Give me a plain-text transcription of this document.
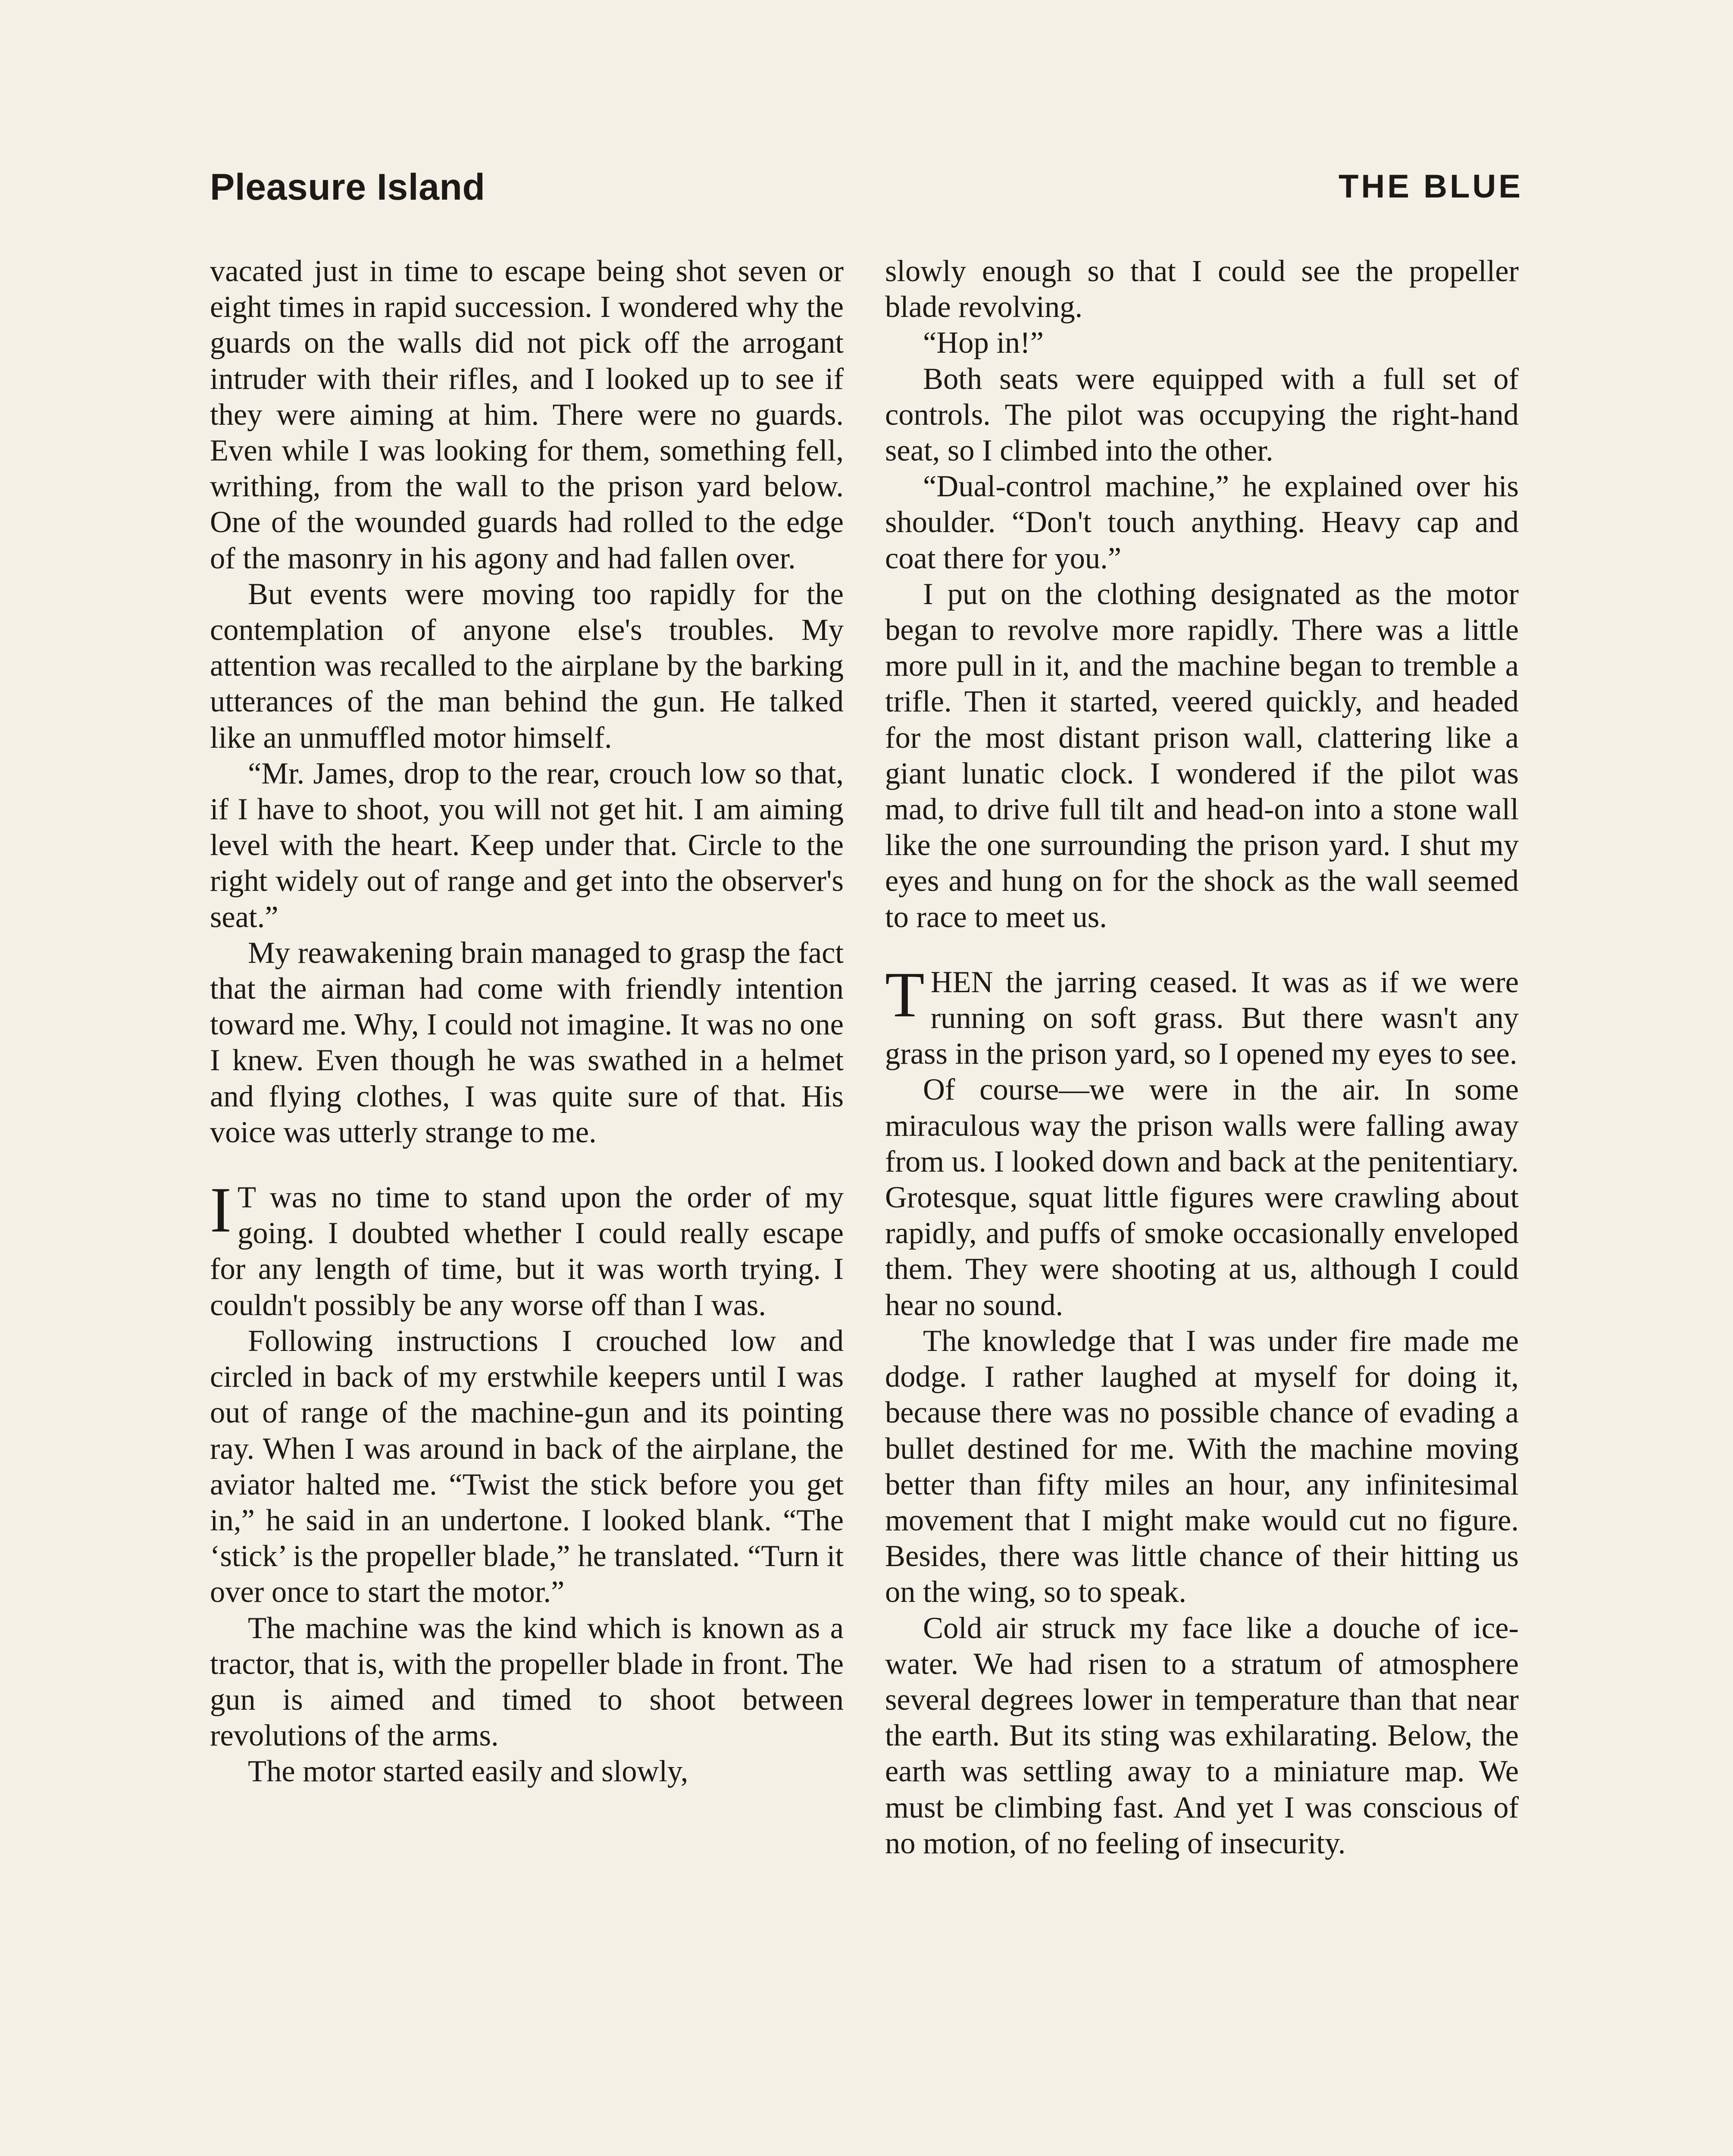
Pleasure Island	THE BLUE

vacated just in time to escape being shot seven or eight times in rapid succession. I wondered why the guards on the walls did not pick off the arrogant intruder with their rifles, and I looked up to see if they were aiming at him. There were no guards. Even while I was looking for them, something fell, writhing, from the wall to the prison yard below. One of the wounded guards had rolled to the edge of the masonry in his agony and had fallen over.

But events were moving too rapidly for the contemplation of anyone else's troubles. My attention was recalled to the airplane by the barking utterances of the man behind the gun. He talked like an unmuffled motor himself.

“Mr. James, drop to the rear, crouch low so that, if I have to shoot, you will not get hit. I am aiming level with the heart. Keep under that. Circle to the right widely out of range and get into the observer's seat.”

My reawakening brain managed to grasp the fact that the airman had come with friendly intention toward me. Why, I could not imagine. It was no one I knew. Even though he was swathed in a helmet and flying clothes, I was quite sure of that. His voice was utterly strange to me.

I T was no time to stand upon the order of my going. I doubted whether I could really escape for any length of time, but it was worth trying. I couldn't possibly be any worse off than I was.

Following instructions I crouched low and circled in back of my erstwhile keepers until I was out of range of the machine-gun and its pointing ray. When I was around in back of the airplane, the aviator halted me. “Twist the stick before you get in,” he said in an undertone. I looked blank. “The ‘stick’ is the propeller blade,” he translated. “Turn it over once to start the motor.”

The machine was the kind which is known as a tractor, that is, with the propeller blade in front. The gun is aimed and timed to shoot between revolutions of the arms.

The motor started easily and slowly,

slowly enough so that I could see the propeller blade revolving.

“Hop in!”

Both seats were equipped with a full set of controls. The pilot was occupying the right-hand seat, so I climbed into the other.

“Dual-control machine,” he explained over his shoulder. “Don't touch anything. Heavy cap and coat there for you.”

I put on the clothing designated as the motor began to revolve more rapidly. There was a little more pull in it, and the machine began to tremble a trifle. Then it started, veered quickly, and headed for the most distant prison wall, clattering like a giant lunatic clock. I wondered if the pilot was mad, to drive full tilt and head-on into a stone wall like the one surrounding the prison yard. I shut my eyes and hung on for the shock as the wall seemed to race to meet us.

THEN the jarring ceased. It was as if we were running on soft grass. But there wasn't any grass in the prison yard, so I opened my eyes to see.

Of course—we were in the air. In some miraculous way the prison walls were falling away from us. I looked down and back at the penitentiary. Grotesque, squat little figures were crawling about rapidly, and puffs of smoke occasionally enveloped them. They were shooting at us, although I could hear no sound.

The knowledge that I was under fire made me dodge. I rather laughed at myself for doing it, because there was no possible chance of evading a bullet destined for me. With the machine moving better than fifty miles an hour, any infinitesimal movement that I might make would cut no figure. Besides, there was little chance of their hitting us on the wing, so to speak.

Cold air struck my face like a douche of ice-water. We had risen to a stratum of atmosphere several degrees lower in temperature than that near the earth. But its sting was exhilarating. Below, the earth was settling away to a miniature map. We must be climbing fast. And yet I was conscious of no motion, of no feeling of insecurity.
